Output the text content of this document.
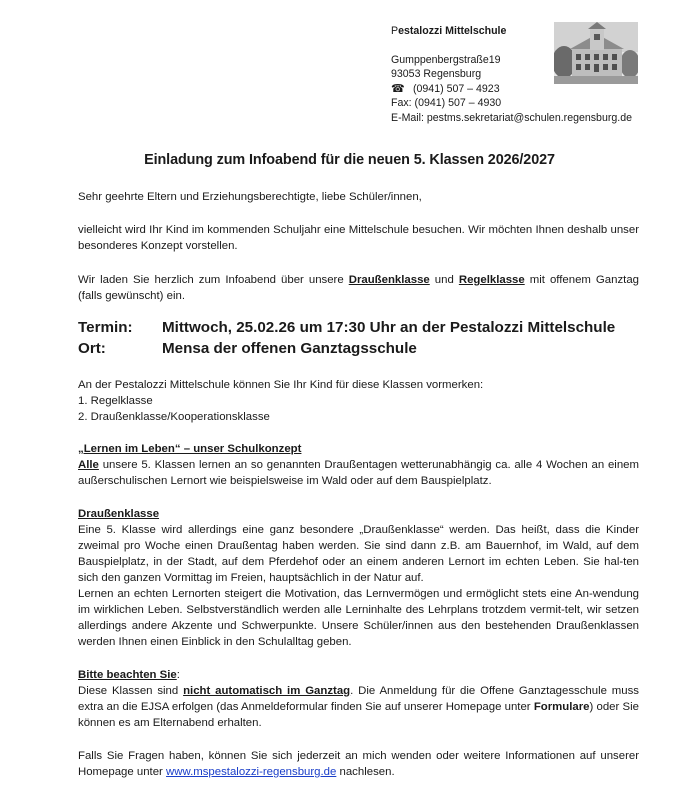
Pestalozzi Mittelschule
Gumppenbergstraße19
93053 Regensburg
☎ (0941) 507 – 4923
Fax: (0941) 507 – 4930
E-Mail: pestms.sekretariat@schulen.regensburg.de
Einladung zum Infoabend für die neuen 5. Klassen 2026/2027
Sehr geehrte Eltern und Erziehungsberechtigte, liebe Schüler/innen,
vielleicht wird Ihr Kind im kommenden Schuljahr eine Mittelschule besuchen. Wir möchten Ihnen deshalb unser besonderes Konzept vorstellen.
Wir laden Sie herzlich zum Infoabend über unsere Draußenklasse und Regelklasse mit offenem Ganztag (falls gewünscht) ein.
Termin:	Mittwoch, 25.02.26 um 17:30 Uhr an der Pestalozzi Mittelschule
Ort:	Mensa der offenen Ganztagsschule
An der Pestalozzi Mittelschule können Sie Ihr Kind für diese Klassen vormerken:
1. Regelklasse
2. Draußenklasse/Kooperationsklasse
„Lernen im Leben“ – unser Schulkonzept
Alle unsere 5. Klassen lernen an so genannten Draußentagen wetterunabhängig ca. alle 4 Wochen an einem außerschulischen Lernort wie beispielsweise im Wald oder auf dem Bauspielplatz.
Draußenklasse
Eine 5. Klasse wird allerdings eine ganz besondere „Draußenklasse“ werden. Das heißt, dass die Kinder zweimal pro Woche einen Draußentag haben werden. Sie sind dann z.B. am Bauernhof, im Wald, auf dem Bauspielplatz, in der Stadt, auf dem Pferdehof oder an einem anderen Lernort im echten Leben. Sie hal-ten sich den ganzen Vormittag im Freien, hauptsächlich in der Natur auf.
Lernen an echten Lernorten steigert die Motivation, das Lernvermögen und ermöglicht stets eine An-wendung im wirklichen Leben. Selbstverständlich werden alle Lerninhalte des Lehrplans trotzdem vermit-telt, wir setzen allerdings andere Akzente und Schwerpunkte. Unsere Schüler/innen aus den bestehenden Draußenklassen werden Ihnen einen Einblick in den Schulalltag geben.
Bitte beachten Sie:
Diese Klassen sind nicht automatisch im Ganztag. Die Anmeldung für die Offene Ganztagesschule muss extra an die EJSA erfolgen (das Anmeldeformular finden Sie auf unserer Homepage unter Formulare) oder Sie können es am Elternabend erhalten.
Falls Sie Fragen haben, können Sie sich jederzeit an mich wenden oder weitere Informationen auf unserer Homepage unter www.mspestalozzi-regensburg.de nachlesen.
